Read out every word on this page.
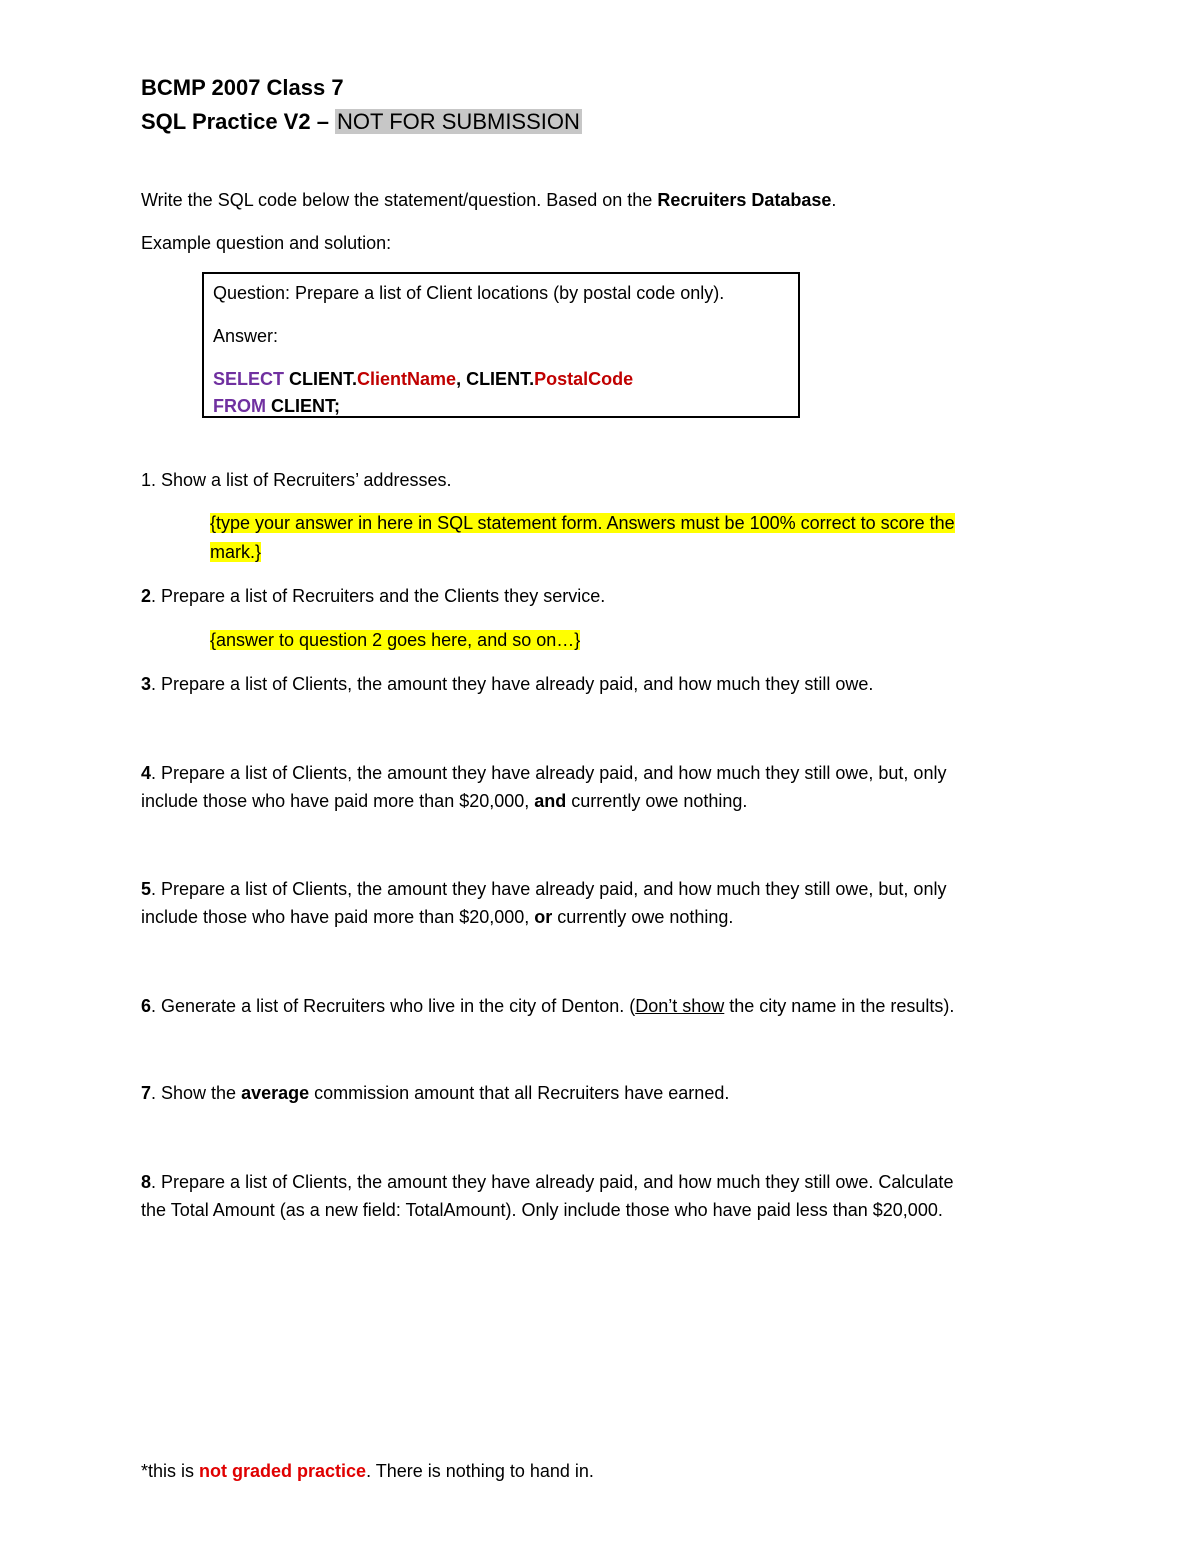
BCMP 2007 Class 7
SQL Practice V2 – NOT FOR SUBMISSION
Write the SQL code below the statement/question. Based on the Recruiters Database.
Example question and solution:
Question: Prepare a list of Client locations (by postal code only).
Answer:
SELECT CLIENT.ClientName, CLIENT.PostalCode
FROM CLIENT;
1. Show a list of Recruiters’ addresses.
{type your answer in here in SQL statement form. Answers must be 100% correct to score the
mark.}
2. Prepare a list of Recruiters and the Clients they service.
{answer to question 2 goes here, and so on…}
3. Prepare a list of Clients, the amount they have already paid, and how much they still owe.
4. Prepare a list of Clients, the amount they have already paid, and how much they still owe, but, only
include those who have paid more than $20,000, and currently owe nothing.
5. Prepare a list of Clients, the amount they have already paid, and how much they still owe, but, only
include those who have paid more than $20,000, or currently owe nothing.
6. Generate a list of Recruiters who live in the city of Denton. (Don’t show the city name in the results).
7. Show the average commission amount that all Recruiters have earned.
8. Prepare a list of Clients, the amount they have already paid, and how much they still owe. Calculate
the Total Amount (as a new field: TotalAmount). Only include those who have paid less than $20,000.
*this is not graded practice. There is nothing to hand in.
